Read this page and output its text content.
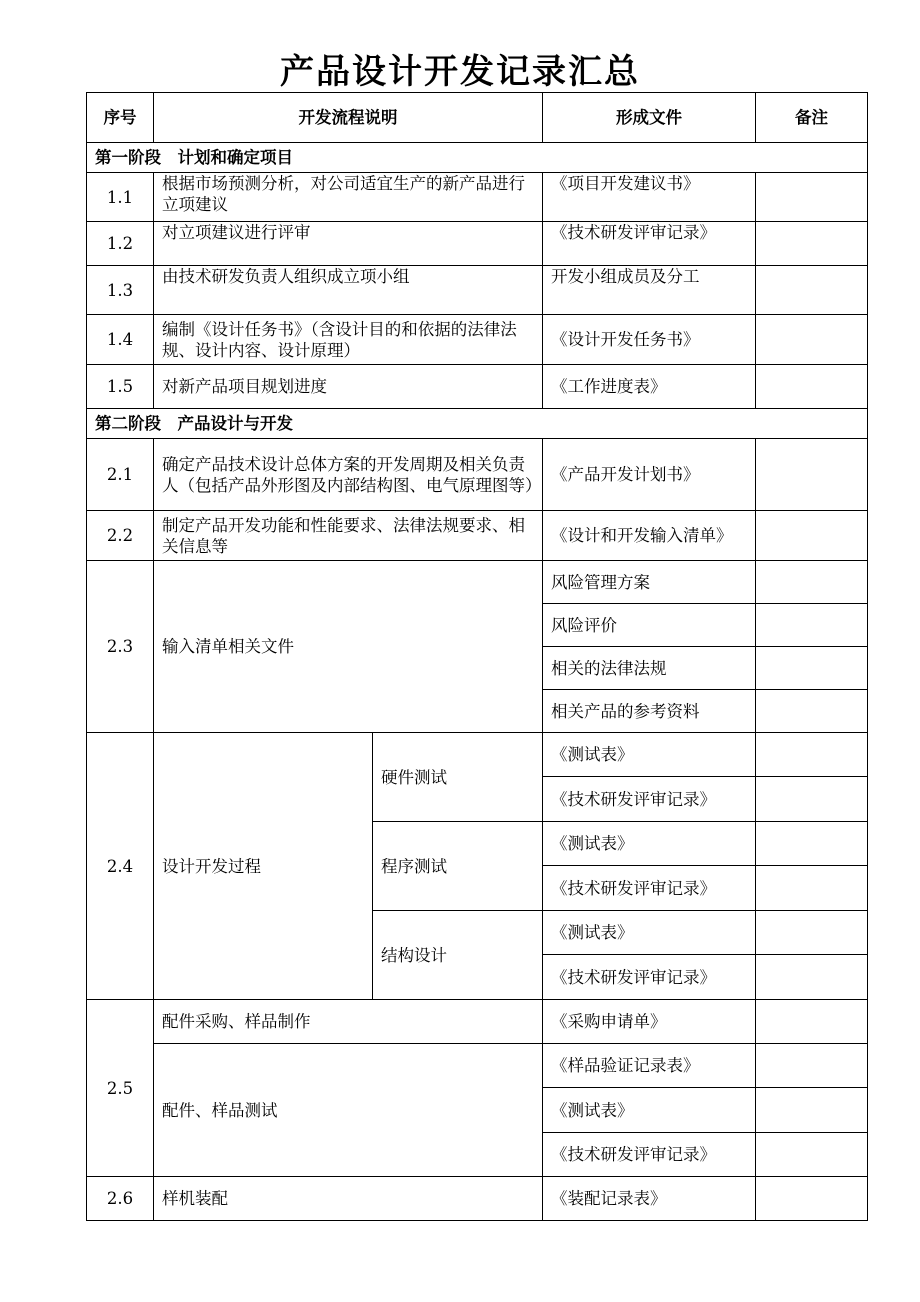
产品设计开发记录汇总
序号	开发流程说明		形成文件	备注
第一阶段　计划和确定项目				
1.1	根据市场预测分析，对公司适宜生产的新产品进行立项建议		《项目开发建议书》	
1.2	对立项建议进行评审		《技术研发评审记录》	
1.3	由技术研发负责人组织成立项小组		开发小组成员及分工	
1.4	编制《设计任务书》（含设计目的和依据的法律法规、设计内容、设计原理）		《设计开发任务书》	
1.5	对新产品项目规划进度		《工作进度表》	
第二阶段　产品设计与开发				
2.1	确定产品技术设计总体方案的开发周期及相关负责人（包括产品外形图及内部结构图、电气原理图等）		《产品开发计划书》	
2.2	制定产品开发功能和性能要求、法律法规要求、相关信息等		《设计和开发输入清单》	
2.3	输入清单相关文件		风险管理方案	
			风险评价	
			相关的法律法规	
			相关产品的参考资料	
2.4	设计开发过程	硬件测试	《测试表》	
			《技术研发评审记录》	
		程序测试	《测试表》	
			《技术研发评审记录》	
		结构设计	《测试表》	
			《技术研发评审记录》	
2.5	配件采购、样品制作		《采购申请单》	
	配件、样品测试		《样品验证记录表》	
			《测试表》	
			《技术研发评审记录》	
2.6	样机装配		《装配记录表》	
